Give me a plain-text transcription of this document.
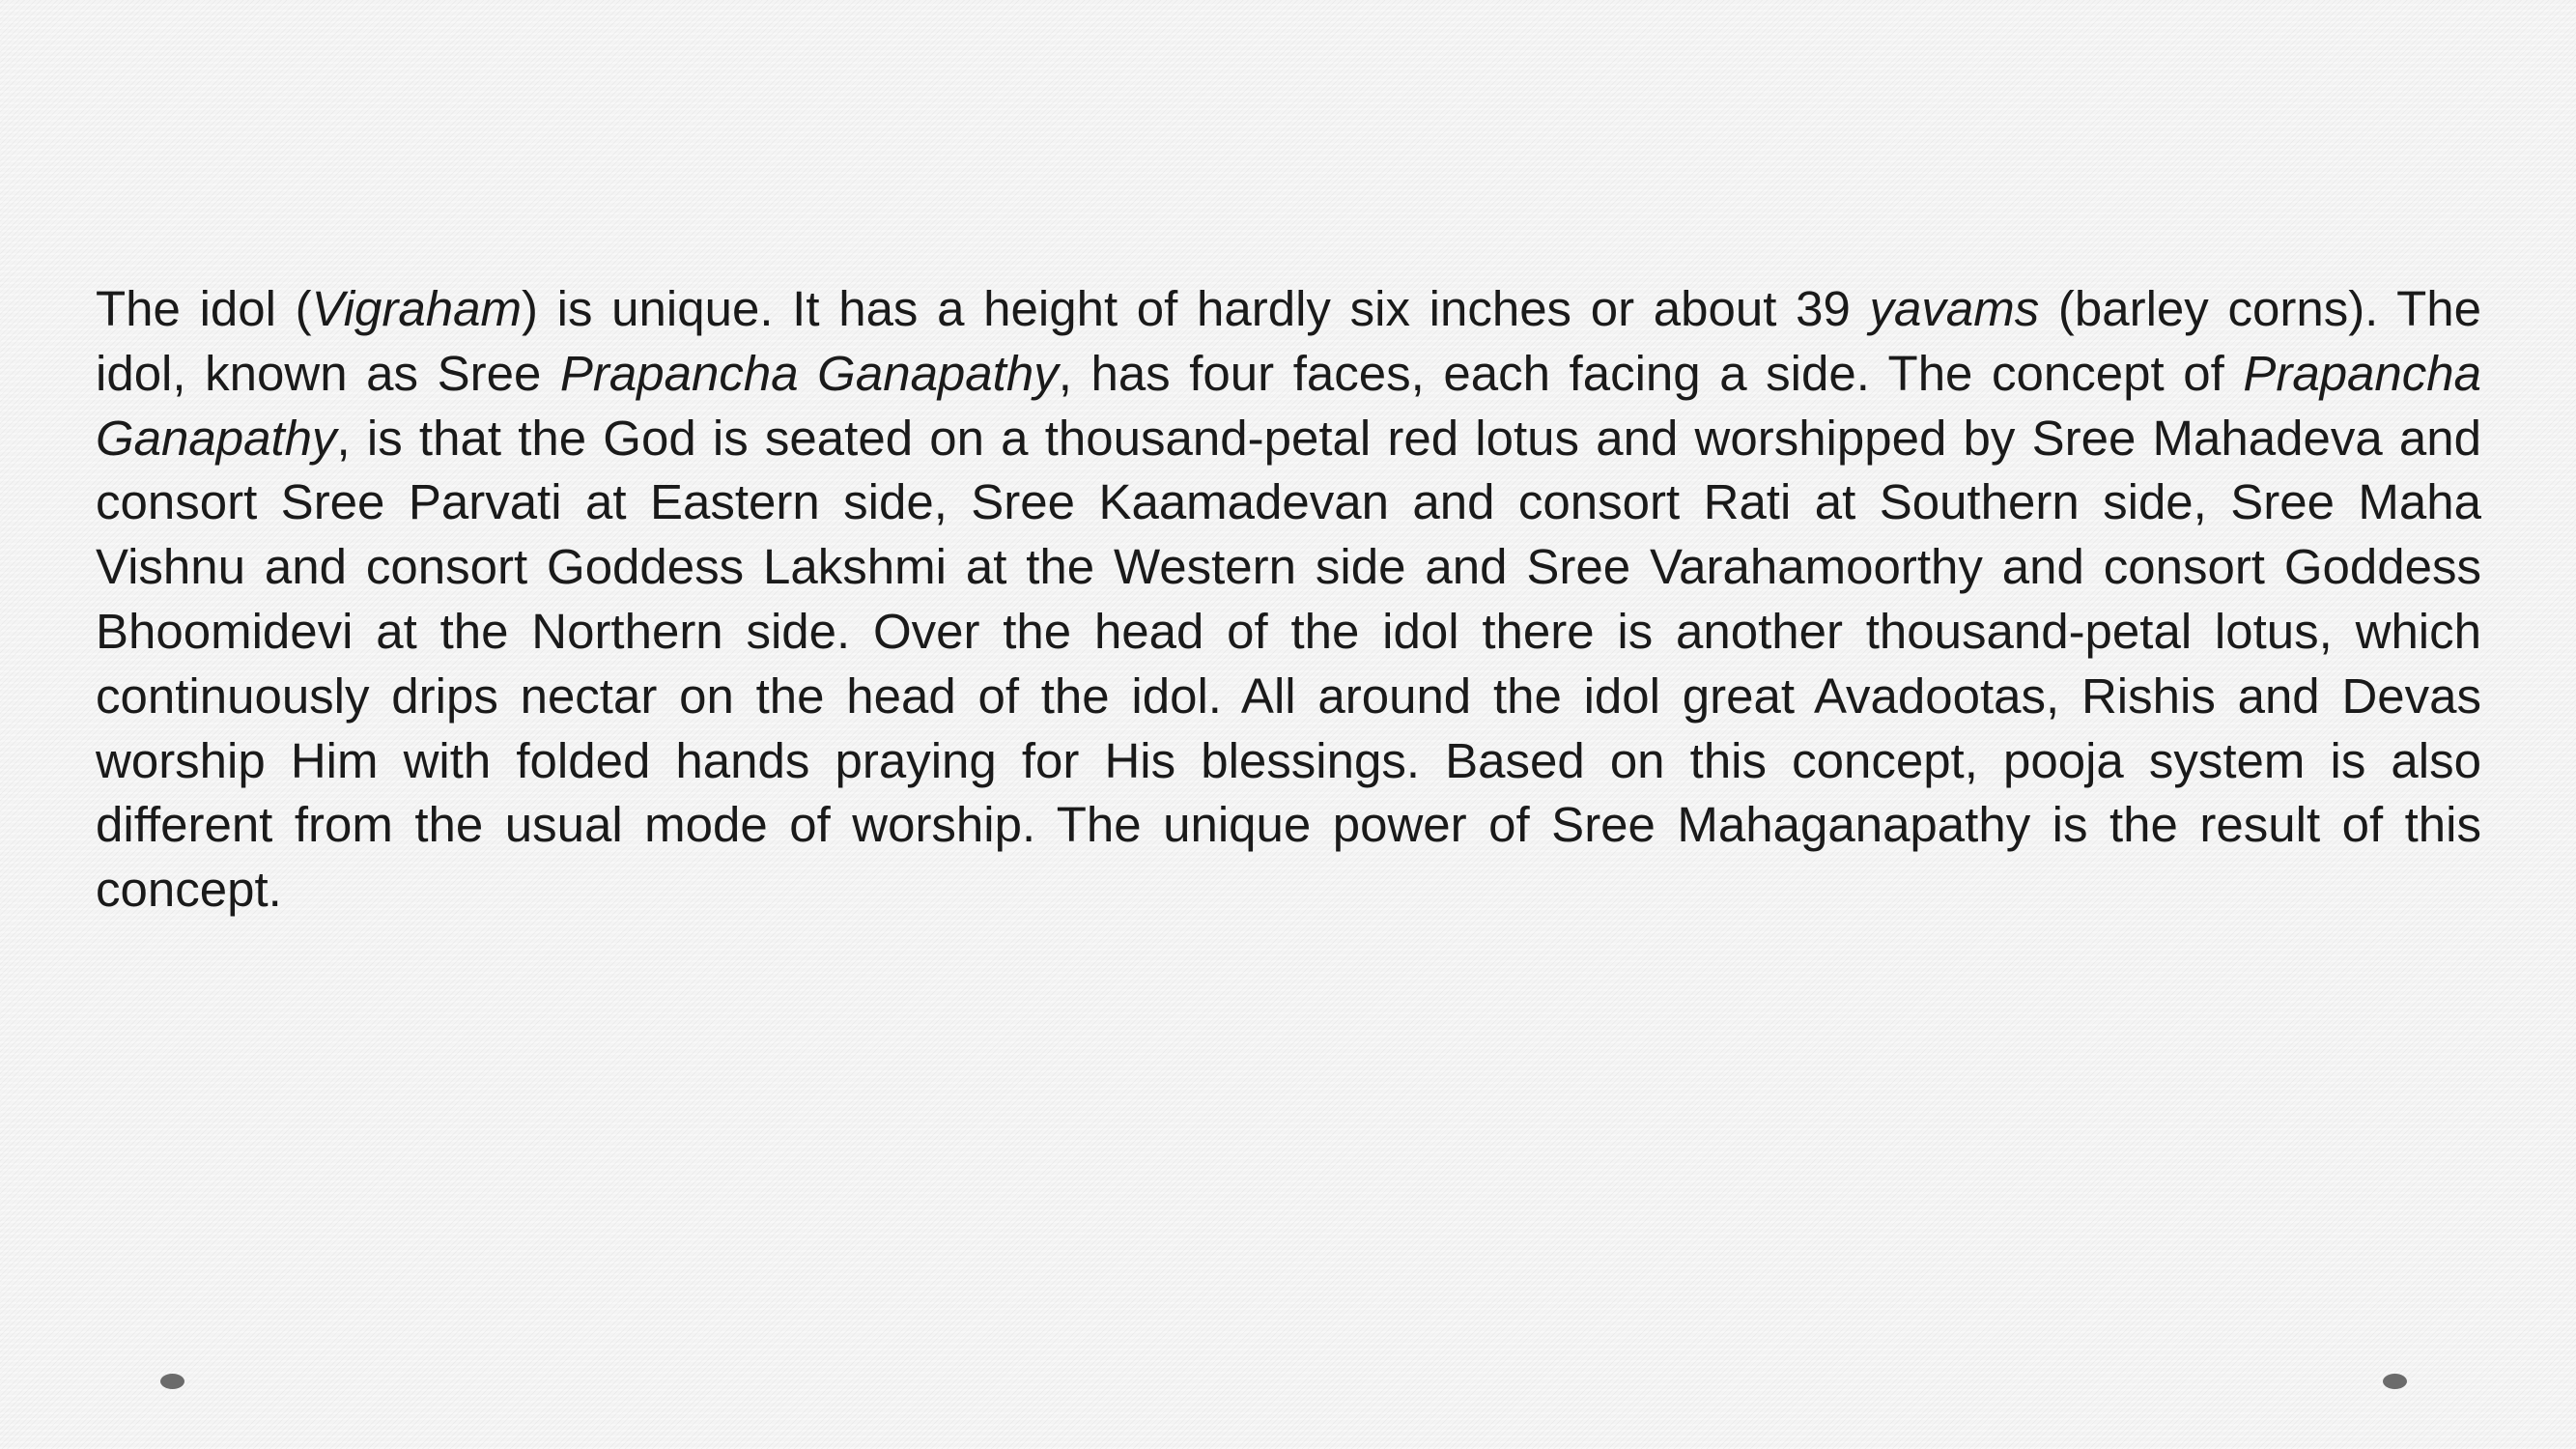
The idol (Vigraham) is unique. It has a height of hardly six inches or about 39 yavams (barley corns). The idol, known as Sree Prapancha Ganapathy, has four faces, each facing a side. The concept of Prapancha Ganapathy, is that the God is seated on a thousand-petal red lotus and worshipped by Sree Mahadeva and consort Sree Parvati at Eastern side, Sree Kaamadevan and consort Rati at Southern side, Sree Maha Vishnu and consort Goddess Lakshmi at the Western side and Sree Varahamoorthy and consort Goddess Bhoomidevi at the Northern side. Over the head of the idol there is another thousand-petal lotus, which continuously drips nectar on the head of the idol. All around the idol great Avadootas, Rishis and Devas worship Him with folded hands praying for His blessings. Based on this concept, pooja system is also different from the usual mode of worship. The unique power of Sree Mahaganapathy is the result of this concept.
